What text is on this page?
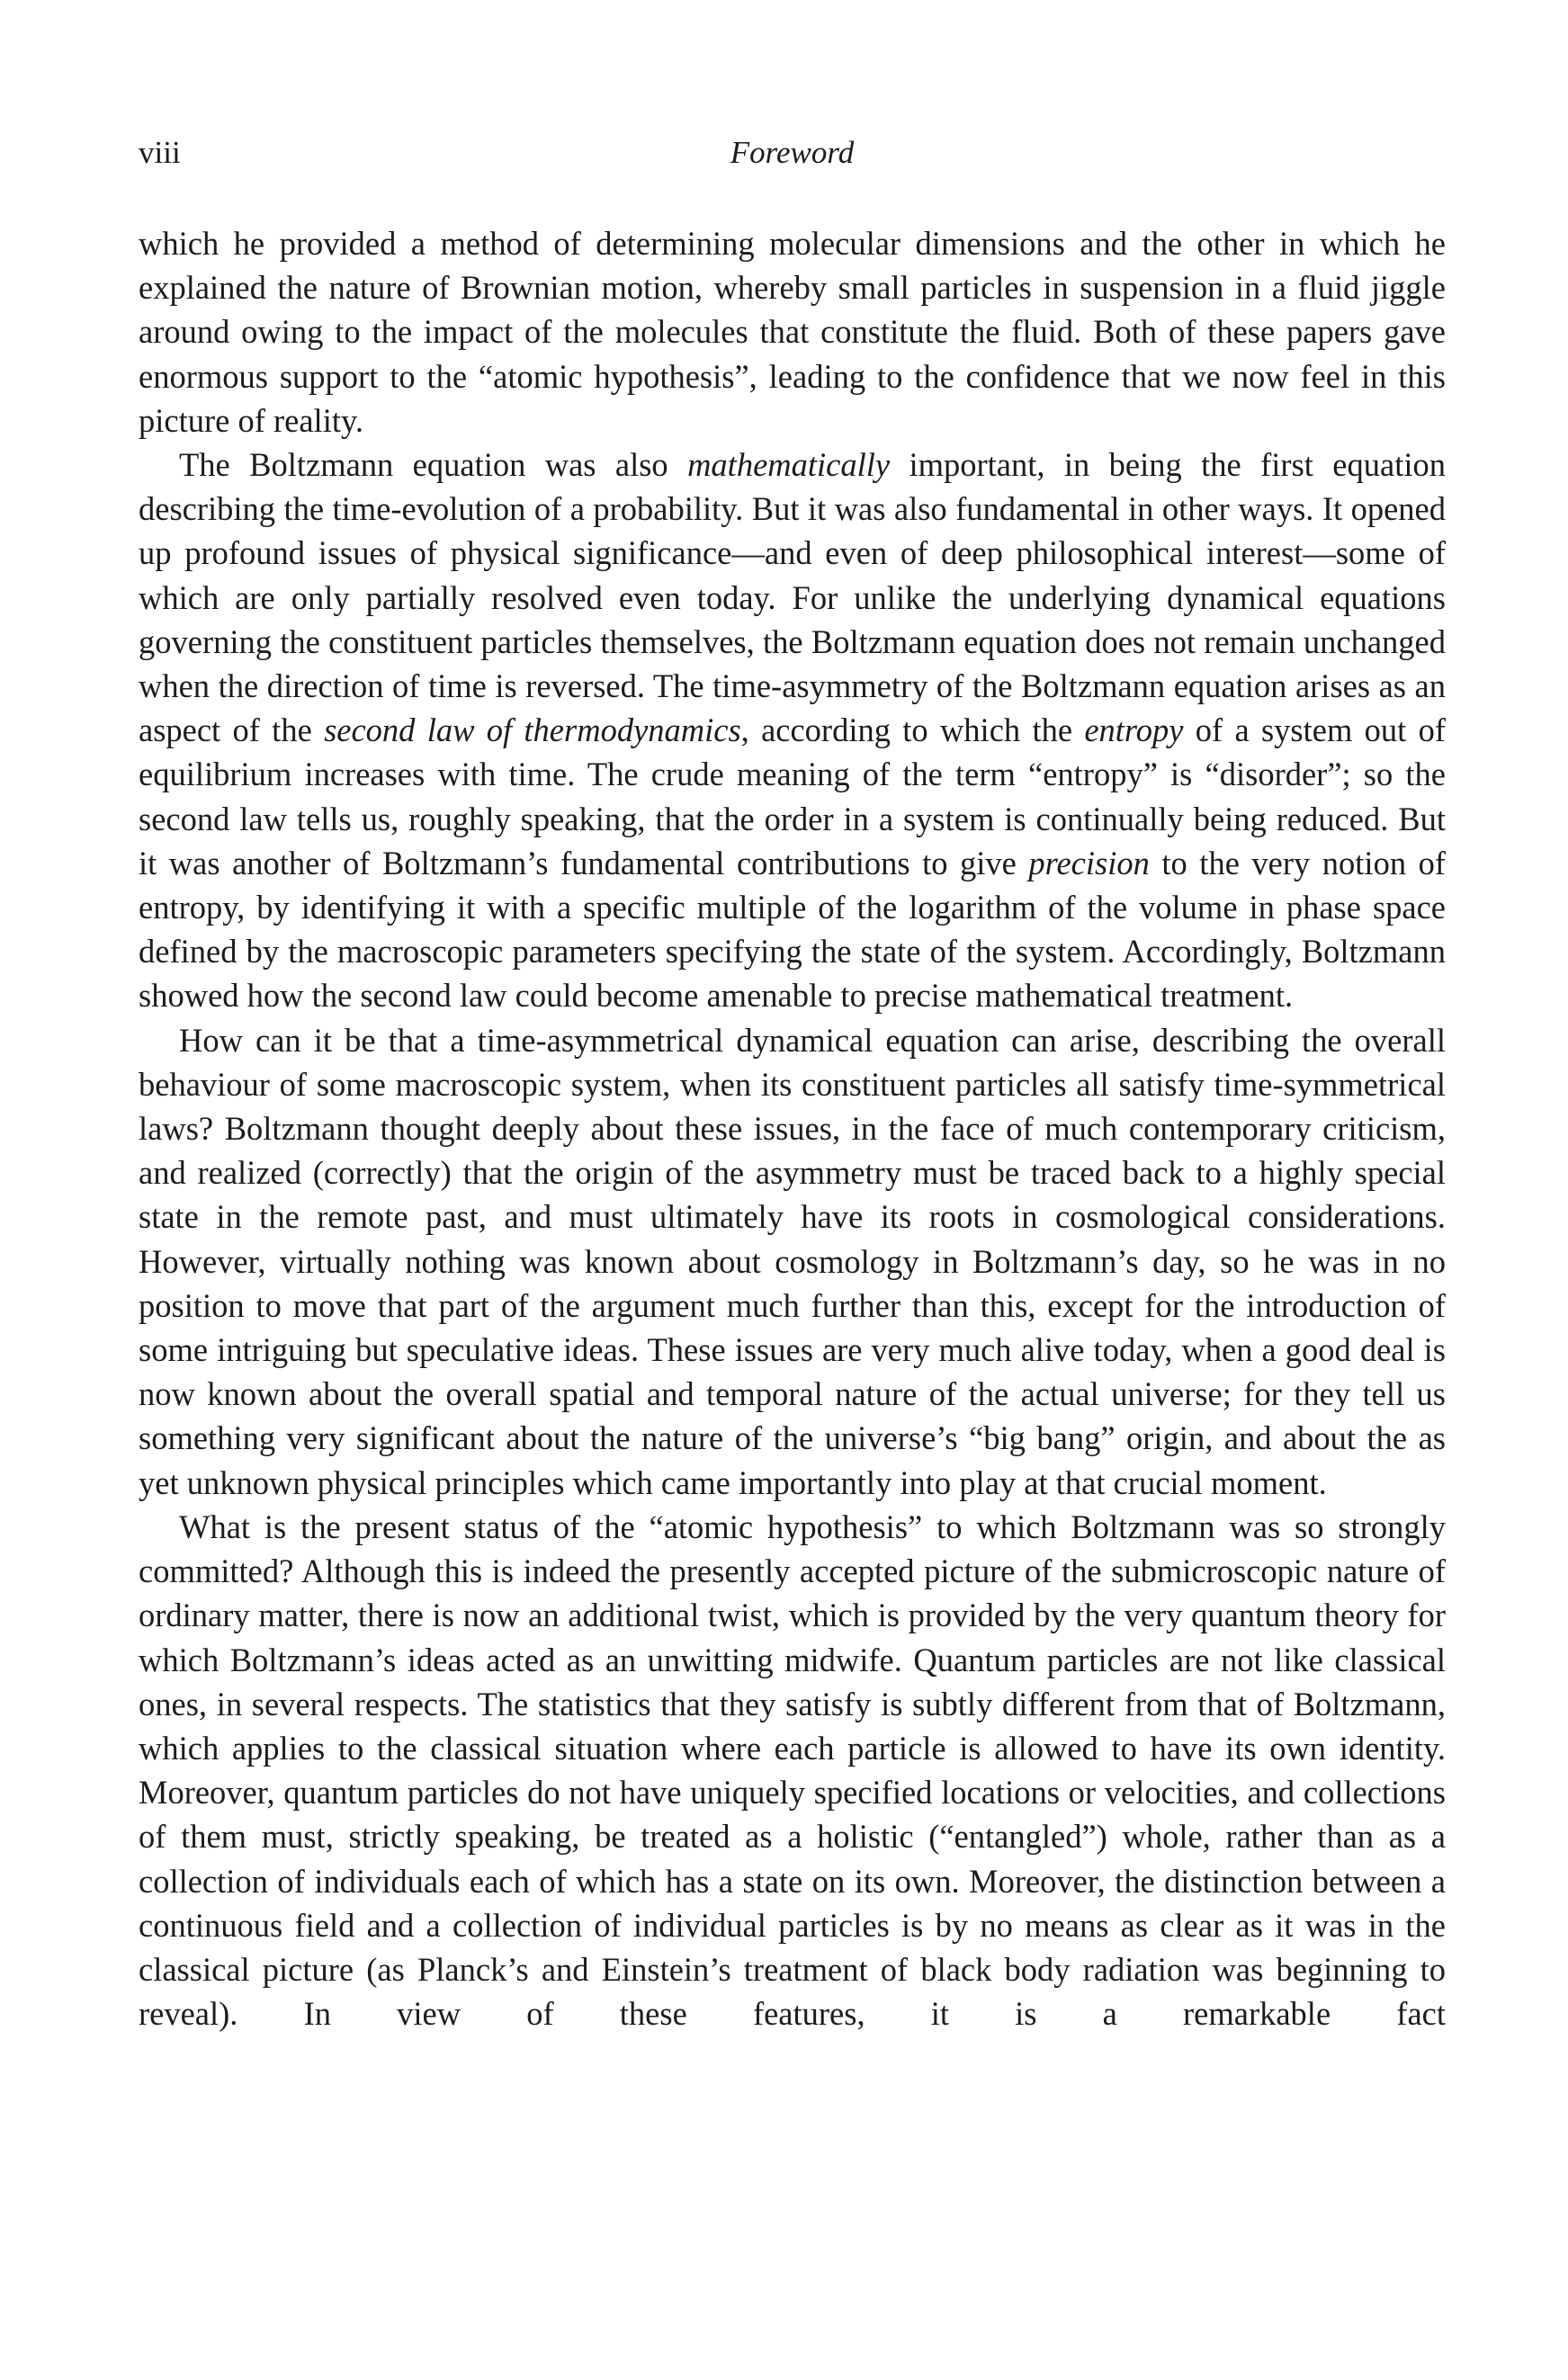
viii	Foreword

which he provided a method of determining molecular dimensions and the other in which he explained the nature of Brownian motion, whereby small particles in suspension in a fluid jiggle around owing to the impact of the molecules that constitute the fluid. Both of these papers gave enormous support to the “atomic hypothesis”, leading to the confidence that we now feel in this picture of reality.

The Boltzmann equation was also mathematically important, in being the first equation describing the time-evolution of a probability. But it was also fundamental in other ways. It opened up profound issues of physical significance—and even of deep philosophical interest—some of which are only partially resolved even today. For unlike the underlying dynamical equations governing the constituent particles themselves, the Boltzmann equation does not remain unchanged when the direction of time is reversed. The time-asymmetry of the Boltzmann equation arises as an aspect of the second law of thermodynamics, according to which the entropy of a system out of equilibrium increases with time. The crude meaning of the term “entropy” is “disorder”; so the second law tells us, roughly speaking, that the order in a system is continually being reduced. But it was another of Boltzmann’s fundamental contributions to give precision to the very notion of entropy, by identifying it with a specific multiple of the logarithm of the volume in phase space defined by the macroscopic parameters specifying the state of the system. Accordingly, Boltzmann showed how the second law could become amenable to precise mathematical treatment.

How can it be that a time-asymmetrical dynamical equation can arise, describing the overall behaviour of some macroscopic system, when its constituent particles all satisfy time-symmetrical laws? Boltzmann thought deeply about these issues, in the face of much contemporary criticism, and realized (correctly) that the origin of the asymmetry must be traced back to a highly special state in the remote past, and must ultimately have its roots in cosmological considerations. However, virtually nothing was known about cosmology in Boltzmann’s day, so he was in no position to move that part of the argument much further than this, except for the introduction of some intriguing but speculative ideas. These issues are very much alive today, when a good deal is now known about the overall spatial and temporal nature of the actual universe; for they tell us something very significant about the nature of the universe’s “big bang” origin, and about the as yet unknown physical principles which came importantly into play at that crucial moment.

What is the present status of the “atomic hypothesis” to which Boltzmann was so strongly committed? Although this is indeed the presently accepted picture of the submicroscopic nature of ordinary matter, there is now an additional twist, which is provided by the very quantum theory for which Boltzmann’s ideas acted as an unwitting midwife. Quantum particles are not like classical ones, in several respects. The statistics that they satisfy is subtly different from that of Boltzmann, which applies to the classical situation where each particle is allowed to have its own identity. Moreover, quantum particles do not have uniquely specified locations or velocities, and collections of them must, strictly speaking, be treated as a holistic (“entangled”) whole, rather than as a collection of individuals each of which has a state on its own. Moreover, the distinction between a continuous field and a collection of individual particles is by no means as clear as it was in the classical picture (as Planck’s and Einstein’s treatment of black body radiation was beginning to reveal). In view of these features, it is a remarkable fact
